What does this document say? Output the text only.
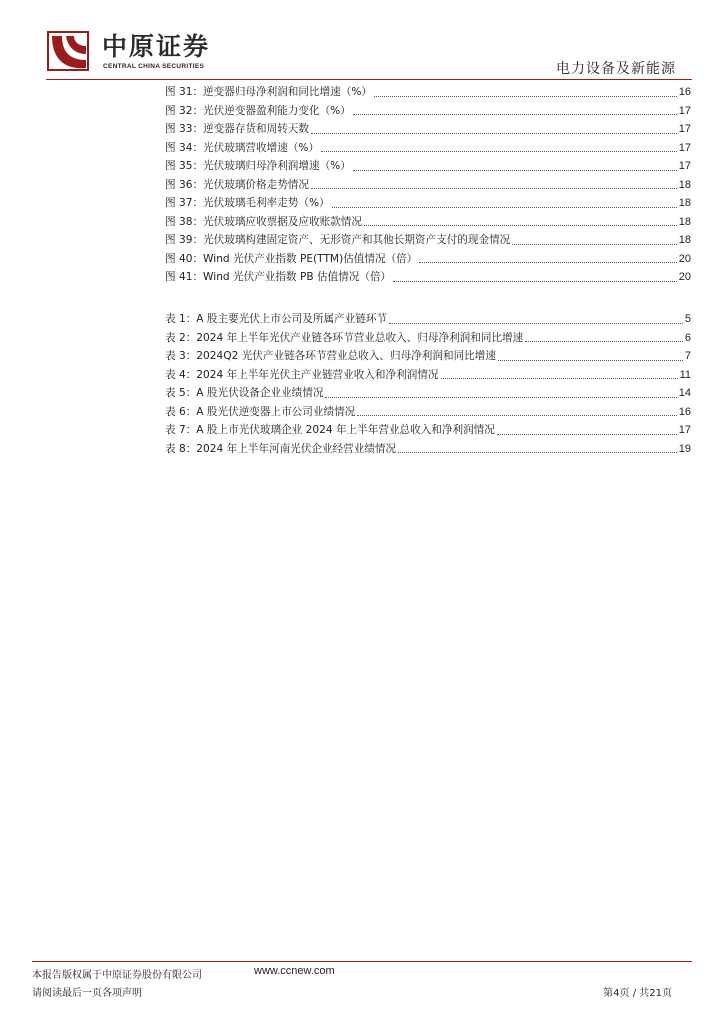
中原证券
CENTRAL CHINA SECURITIES	电力设备及新能源
图 31：逆变器归母净利润和同比增速（%）	16
图 32：光伏逆变器盈利能力变化（%）	17
图 33：逆变器存货和周转天数	17
图 34：光伏玻璃营收增速（%）	17
图 35：光伏玻璃归母净利润增速（%）	17
图 36：光伏玻璃价格走势情况	18
图 37：光伏玻璃毛利率走势（%）	18
图 38：光伏玻璃应收票据及应收账款情况	18
图 39：光伏玻璃构建固定资产、无形资产和其他长期资产支付的现金情况	18
图 40：Wind 光伏产业指数 PE(TTM)估值情况（倍）	20
图 41：Wind 光伏产业指数 PB 估值情况（倍）	20
表 1：A 股主要光伏上市公司及所属产业链环节	5
表 2：2024 年上半年光伏产业链各环节营业总收入、归母净利润和同比增速	6
表 3：2024Q2 光伏产业链各环节营业总收入、归母净利润和同比增速	7
表 4：2024 年上半年光伏主产业链营业收入和净利润情况	11
表 5：A 股光伏设备企业业绩情况	14
表 6：A 股光伏逆变器上市公司业绩情况	16
表 7：A 股上市光伏玻璃企业 2024 年上半年营业总收入和净利润情况	17
表 8：2024 年上半年河南光伏企业经营业绩情况	19
本报告版权属于中原证券股份有限公司	www.ccnew.com
请阅读最后一页各项声明	第4页 / 共21页
